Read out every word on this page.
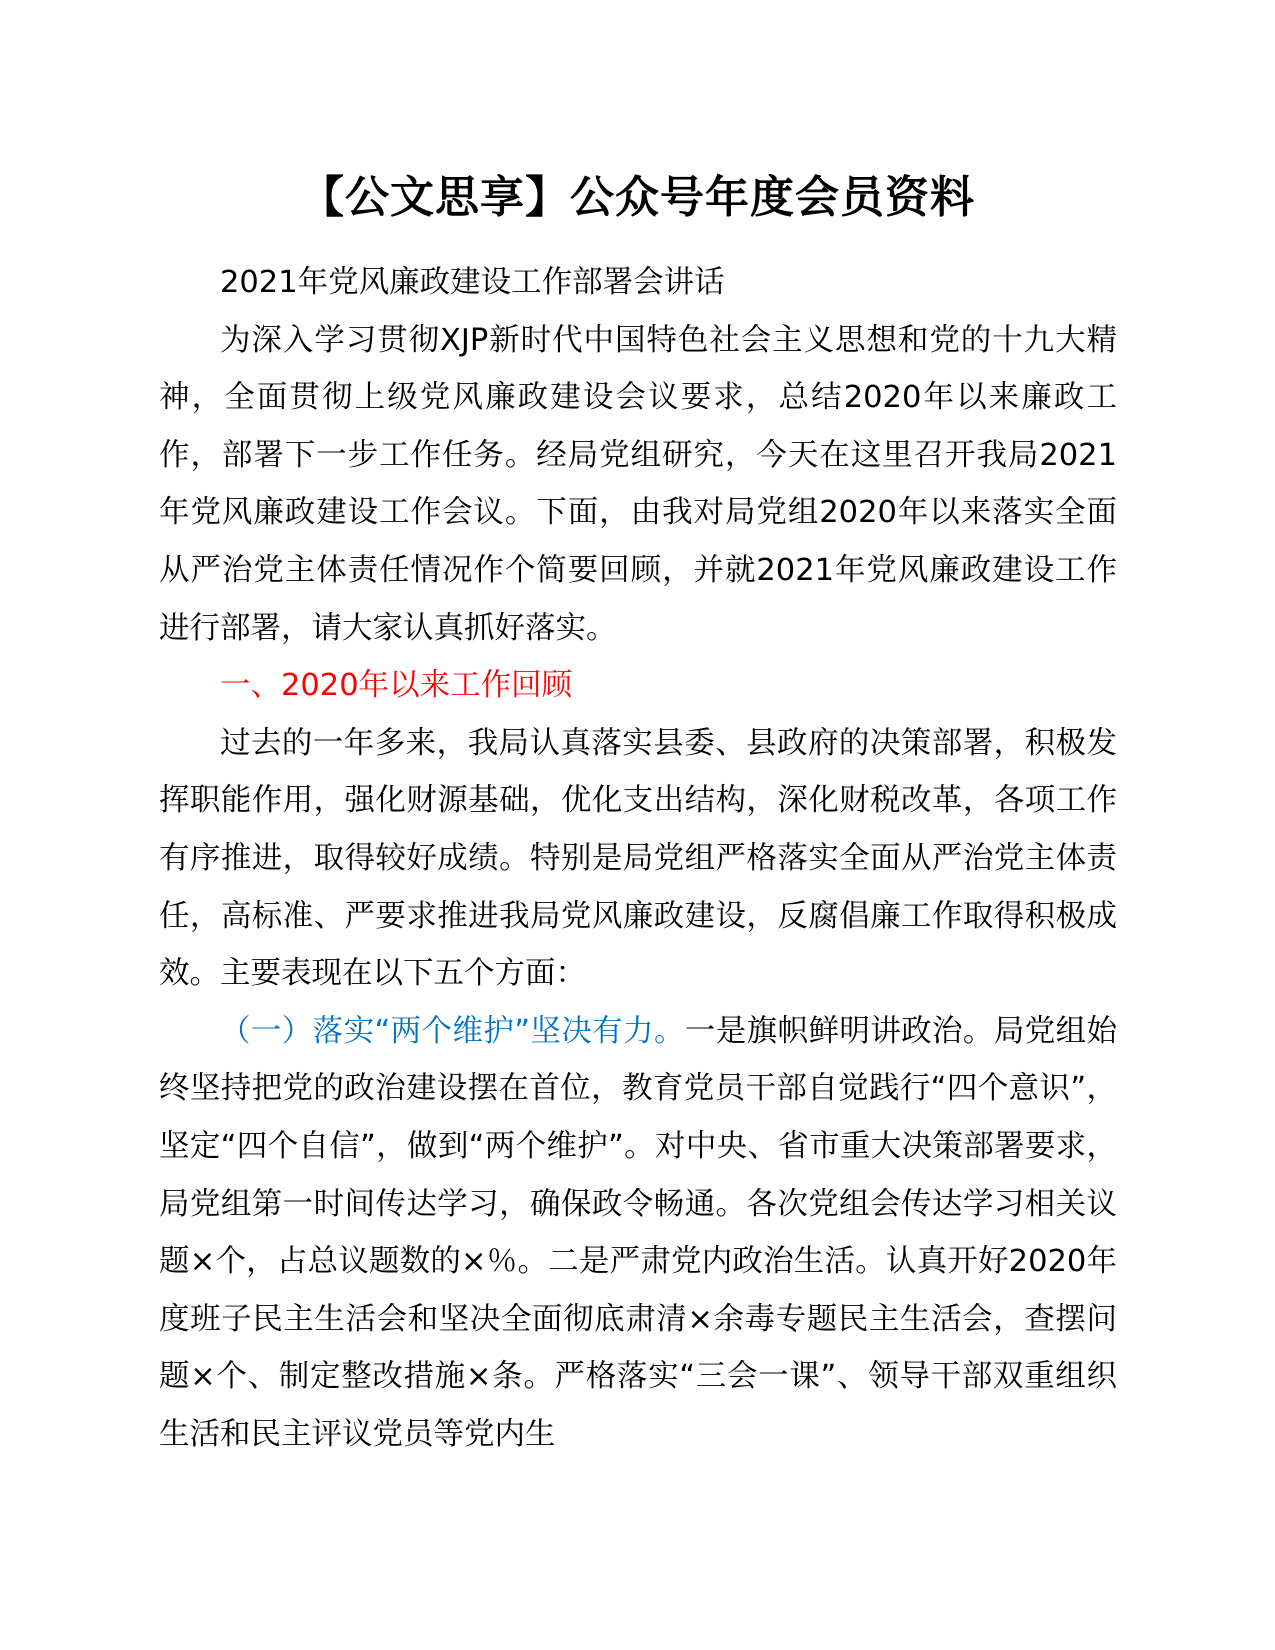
【公文思享】公众号年度会员资料

2021年党风廉政建设工作部署会讲话

为深入学习贯彻XJP新时代中国特色社会主义思想和党的十九大精神，全面贯彻上级党风廉政建设会议要求，总结2020年以来廉政工作，部署下一步工作任务。经局党组研究，今天在这里召开我局2021年党风廉政建设工作会议。下面，由我对局党组2020年以来落实全面从严治党主体责任情况作个简要回顾，并就2021年党风廉政建设工作进行部署，请大家认真抓好落实。

一、2020年以来工作回顾

过去的一年多来，我局认真落实县委、县政府的决策部署，积极发挥职能作用，强化财源基础，优化支出结构，深化财税改革，各项工作有序推进，取得较好成绩。特别是局党组严格落实全面从严治党主体责任，高标准、严要求推进我局党风廉政建设，反腐倡廉工作取得积极成效。主要表现在以下五个方面：

（一）落实“两个维护”坚决有力。一是旗帜鲜明讲政治。局党组始终坚持把党的政治建设摆在首位，教育党员干部自觉践行“四个意识”，坚定“四个自信”，做到“两个维护”。对中央、省市重大决策部署要求，局党组第一时间传达学习，确保政令畅通。各次党组会传达学习相关议题×个，占总议题数的×％。二是严肃党内政治生活。认真开好2020年度班子民主生活会和坚决全面彻底肃清×余毒专题民主生活会，查摆问题×个、制定整改措施×条。严格落实“三会一课”、领导干部双重组织生活和民主评议党员等党内生
